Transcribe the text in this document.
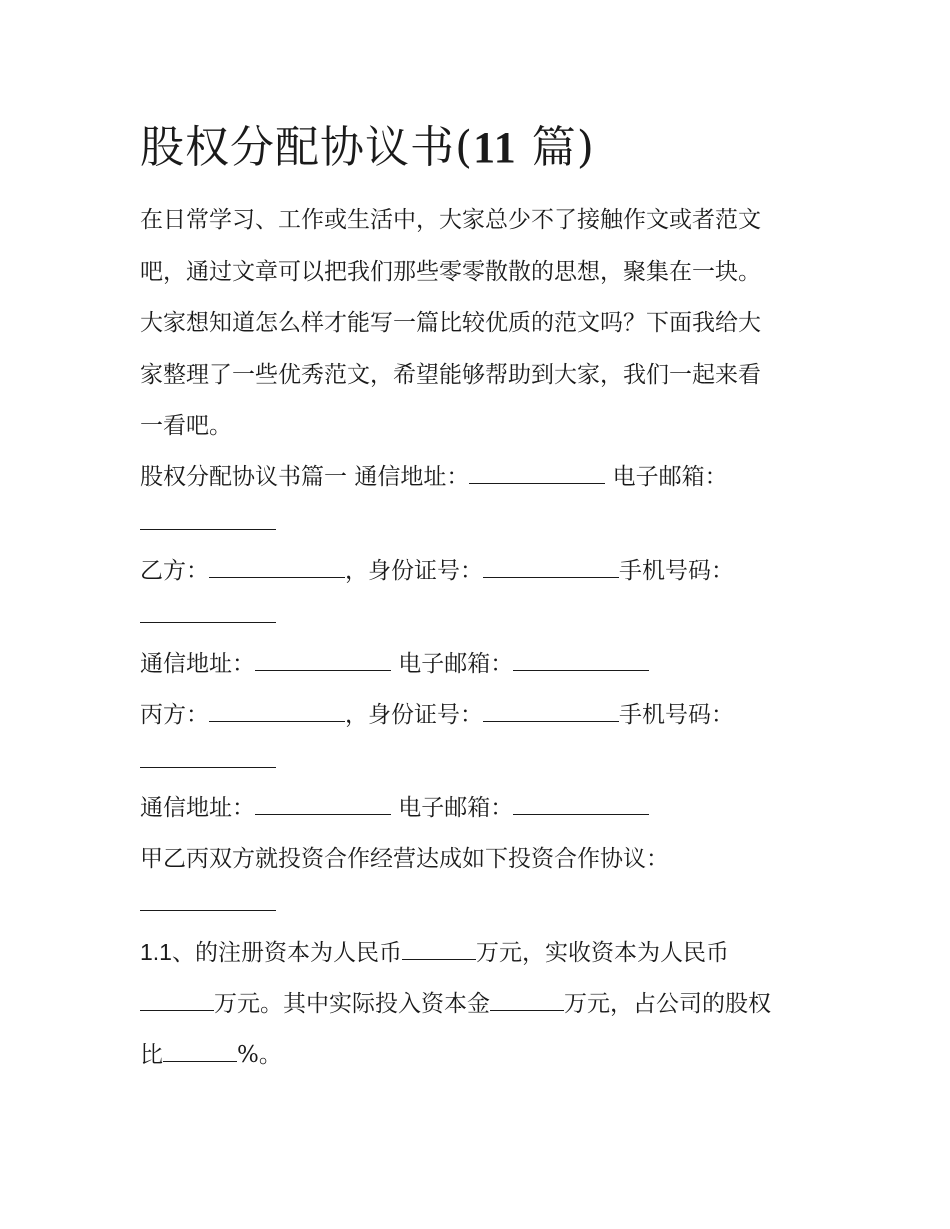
股权分配协议书(11 篇)
在日常学习、工作或生活中，大家总少不了接触作文或者范文
吧，通过文章可以把我们那些零零散散的思想，聚集在一块。
大家想知道怎么样才能写一篇比较优质的范文吗？下面我给大
家整理了一些优秀范文，希望能够帮助到大家，我们一起来看
一看吧。
股权分配协议书篇一 通信地址：	电子邮箱：
乙方：	，身份证号：	手机号码：
通信地址：	电子邮箱：
丙方：	，身份证号：	手机号码：
通信地址：	电子邮箱：
甲乙丙双方就投资合作经营达成如下投资合作协议：
1.1、的注册资本为人民币	万元，实收资本为人民币
万元。其中实际投入资本金	万元，占公司的股权
比	%。
